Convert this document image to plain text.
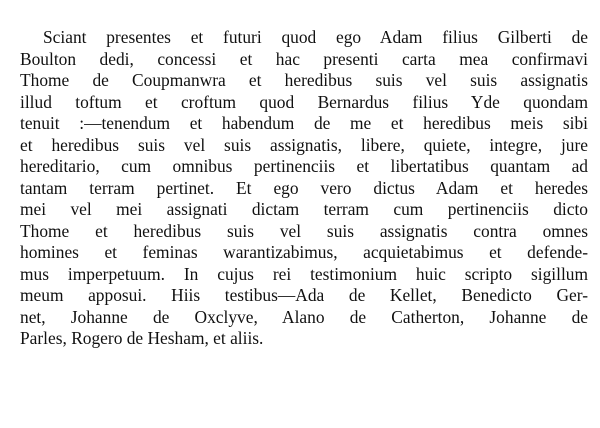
Sciant presentes et futuri quod ego Adam filius Gilberti de
Boulton dedi, concessi et hac presenti carta mea confirmavi
Thome de Coupmanwra et heredibus suis vel suis assignatis
illud toftum et croftum quod Bernardus filius Yde quondam
tenuit :—tenendum et habendum de me et heredibus meis sibi
et heredibus suis vel suis assignatis, libere, quiete, integre, jure
hereditario, cum omnibus pertinenciis et libertatibus quantam ad
tantam terram pertinet. Et ego vero dictus Adam et heredes
mei vel mei assignati dictam terram cum pertinenciis dicto
Thome et heredibus suis vel suis assignatis contra omnes
homines et feminas warantizabimus, acquietabimus et defende-
mus imperpetuum. In cujus rei testimonium huic scripto sigillum
meum apposui. Hiis testibus—Ada de Kellet, Benedicto Ger-
net, Johanne de Oxclyve, Alano de Catherton, Johanne de
Parles, Rogero de Hesham, et aliis.
